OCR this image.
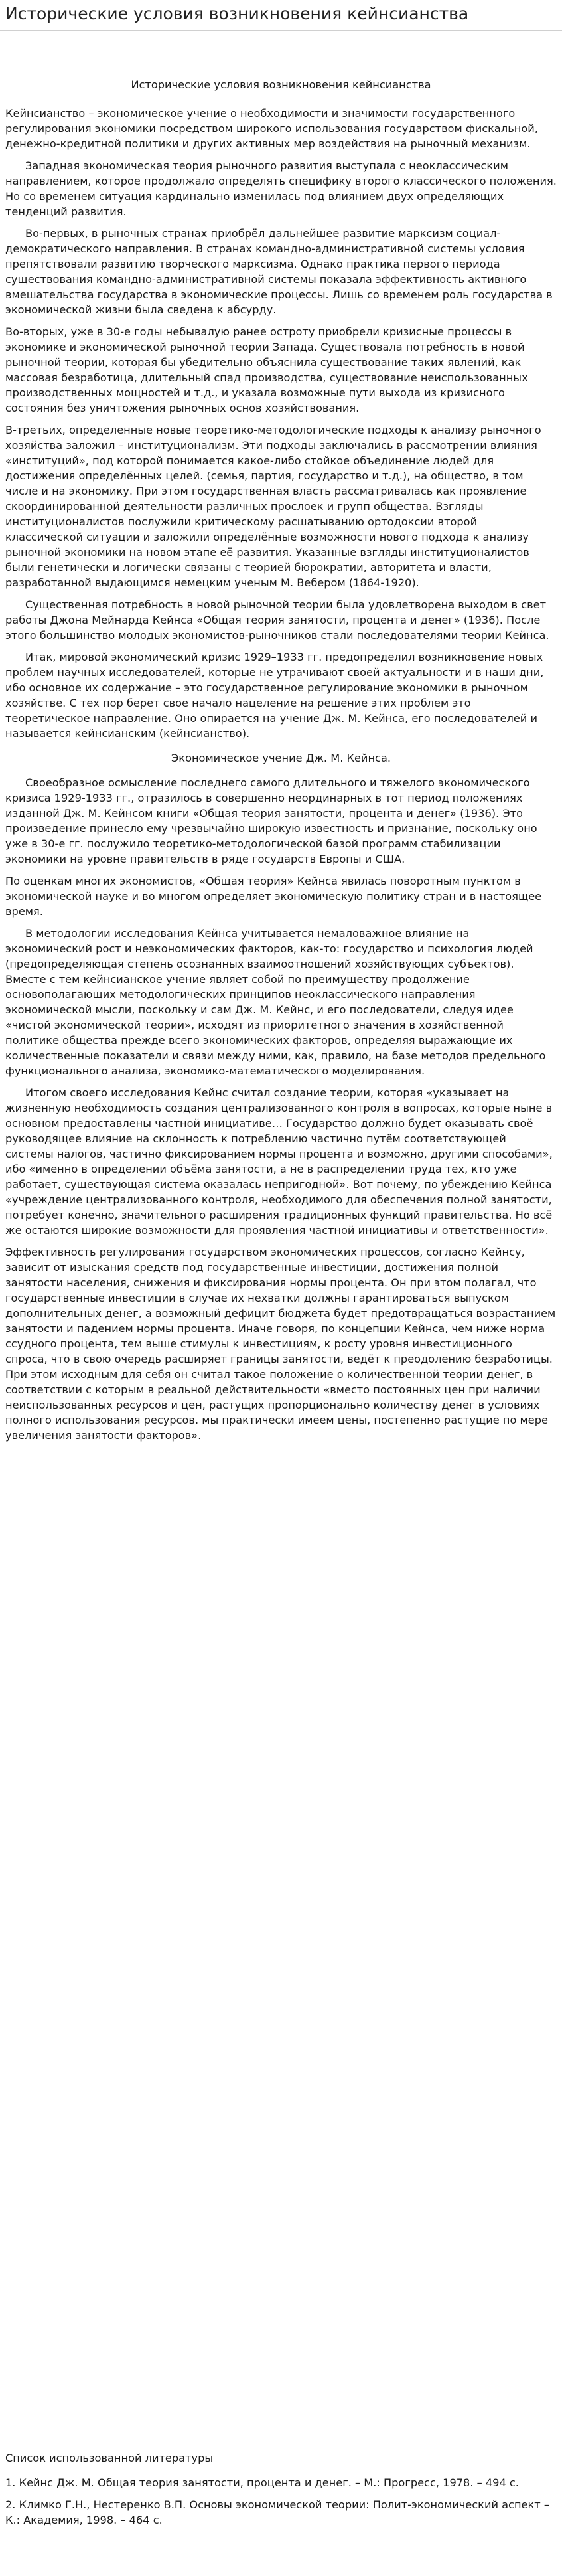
Исторические условия возникновения кейнсианства

Исторические условия возникновения кейнсианства

Кейнсианство – экономическое учение о необходимости и значимости государственного регулирования экономики посредством широкого использования государством фискальной, денежно-кредитной политики и других активных мер воздействия на рыночный механизм.

Западная экономическая теория рыночного развития выступала с неоклассическим направлением, которое продолжало определять специфику второго классического положения. Но со временем ситуация кардинально изменилась под влиянием двух определяющих тенденций развития.

Во-первых, в рыночных странах приобрёл дальнейшее развитие марксизм социал-демократического направления. В странах командно-административной системы условия препятствовали развитию творческого марксизма. Однако практика первого периода существования командно-административной системы показала эффективность активного вмешательства государства в экономические процессы. Лишь со временем роль государства в экономической жизни была сведена к абсурду.

Во-вторых, уже в 30-е годы небывалую ранее остроту приобрели кризисные процессы в экономике и экономической рыночной теории Запада. Существовала потребность в новой рыночной теории, которая бы убедительно объяснила существование таких явлений, как массовая безработица, длительный спад производства, существование неиспользованных производственных мощностей и т.д., и указала возможные пути выхода из кризисного состояния без уничтожения рыночных основ хозяйствования.

В-третьих, определенные новые теоретико-методологические подходы к анализу рыночного хозяйства заложил – институционализм. Эти подходы заключались в рассмотрении влияния «институций», под которой понимается какое-либо стойкое объединение людей для достижения определённых целей. (семья, партия, государство и т.д.), на общество, в том числе и на экономику. При этом государственная власть рассматривалась как проявление скоординированной деятельности различных прослоек и групп общества. Взгляды институционалистов послужили критическому расшатыванию ортодоксии второй классической ситуации и заложили определённые возможности нового подхода к анализу рыночной экономики на новом этапе её развития. Указанные взгляды институционалистов были генетически и логически связаны с теорией бюрократии, авторитета и власти, разработанной выдающимся немецким ученым М. Вебером (1864-1920).

Существенная потребность в новой рыночной теории была удовлетворена выходом в свет работы Джона Мейнарда Кейнса «Общая теория занятости, процента и денег» (1936). После этого большинство молодых экономистов-рыночников стали последователями теории Кейнса.

Итак, мировой экономический кризис 1929–1933 гг. предопределил возникновение новых проблем научных исследователей, которые не утрачивают своей актуальности и в наши дни, ибо основное их содержание – это государственное регулирование экономики в рыночном хозяйстве. С тех пор берет свое начало нацеление на решение этих проблем это теоретическое направление. Оно опирается на учение Дж. М. Кейнса, его последователей и называется кейнсианским (кейнсианство).

Экономическое учение Дж. М. Кейнса.

Своеобразное осмысление последнего самого длительного и тяжелого экономического кризиса 1929-1933 гг., отразилось в совершенно неординарных в тот период положениях изданной Дж. М. Кейнсом книги «Общая теория занятости, процента и денег» (1936). Это произведение принесло ему чрезвычайно широкую известность и признание, поскольку оно уже в 30-е гг. послужило теоретико-методологической базой программ стабилизации экономики на уровне правительств в ряде государств Европы и США.

По оценкам многих экономистов, «Общая теория» Кейнса явилась поворотным пунктом в экономической науке и во многом определяет экономическую политику стран и в настоящее время.

В методологии исследования Кейнса учитывается немаловажное влияние на экономический рост и неэкономических факторов, как-то: государство и психология людей (предопределяющая степень осознанных взаимоотношений хозяйствующих субъектов). Вместе с тем кейнсианское учение являет собой по преимуществу продолжение основополагающих методологических принципов неоклассического направления экономической мысли, поскольку и сам Дж. М. Кейнс, и его последователи, следуя идее «чистой экономической теории», исходят из приоритетного значения в хозяйственной политике общества прежде всего экономических факторов, определяя выражающие их количественные показатели и связи между ними, как, правило, на базе методов предельного функционального анализа, экономико-математического моделирования.

Итогом своего исследования Кейнс считал создание теории, которая «указывает на жизненную необходимость создания централизованного контроля в вопросах, которые ныне в основном предоставлены частной инициативе… Государство должно будет оказывать своё руководящее влияние на склонность к потреблению частично путём соответствующей системы налогов, частично фиксированием нормы процента и возможно, другими способами», ибо «именно в определении объёма занятости, а не в распределении труда тех, кто уже работает, существующая система оказалась непригодной». Вот почему, по убеждению Кейнса «учреждение централизованного контроля, необходимого для обеспечения полной занятости, потребует конечно, значительного расширения традиционных функций правительства. Но всё же остаются широкие возможности для проявления частной инициативы и ответственности».

Эффективность регулирования государством экономических процессов, согласно Кейнсу, зависит от изыскания средств под государственные инвестиции, достижения полной занятости населения, снижения и фиксирования нормы процента. Он при этом полагал, что государственные инвестиции в случае их нехватки должны гарантироваться выпуском дополнительных денег, а возможный дефицит бюджета будет предотвращаться возрастанием занятости и падением нормы процента. Иначе говоря, по концепции Кейнса, чем ниже норма ссудного процента, тем выше стимулы к инвестициям, к росту уровня инвестиционного спроса, что в свою очередь расширяет границы занятости, ведёт к преодолению безработицы. При этом исходным для себя он считал такое положение о количественной теории денег, в соответствии с которым в реальной действительности «вместо постоянных цен при наличии неиспользованных ресурсов и цен, растущих пропорционально количеству денег в условиях полного использования ресурсов. мы практически имеем цены, постепенно растущие по мере увеличения занятости факторов».

Список использованной литературы

1. Кейнс Дж. М. Общая теория занятости, процента и денег. – М.: Прогресс, 1978. – 494 с.

2. Климко Г.Н., Нестеренко В.П. Основы экономической теории: Полит-экономический аспект – К.: Академия, 1998. – 464 с.
